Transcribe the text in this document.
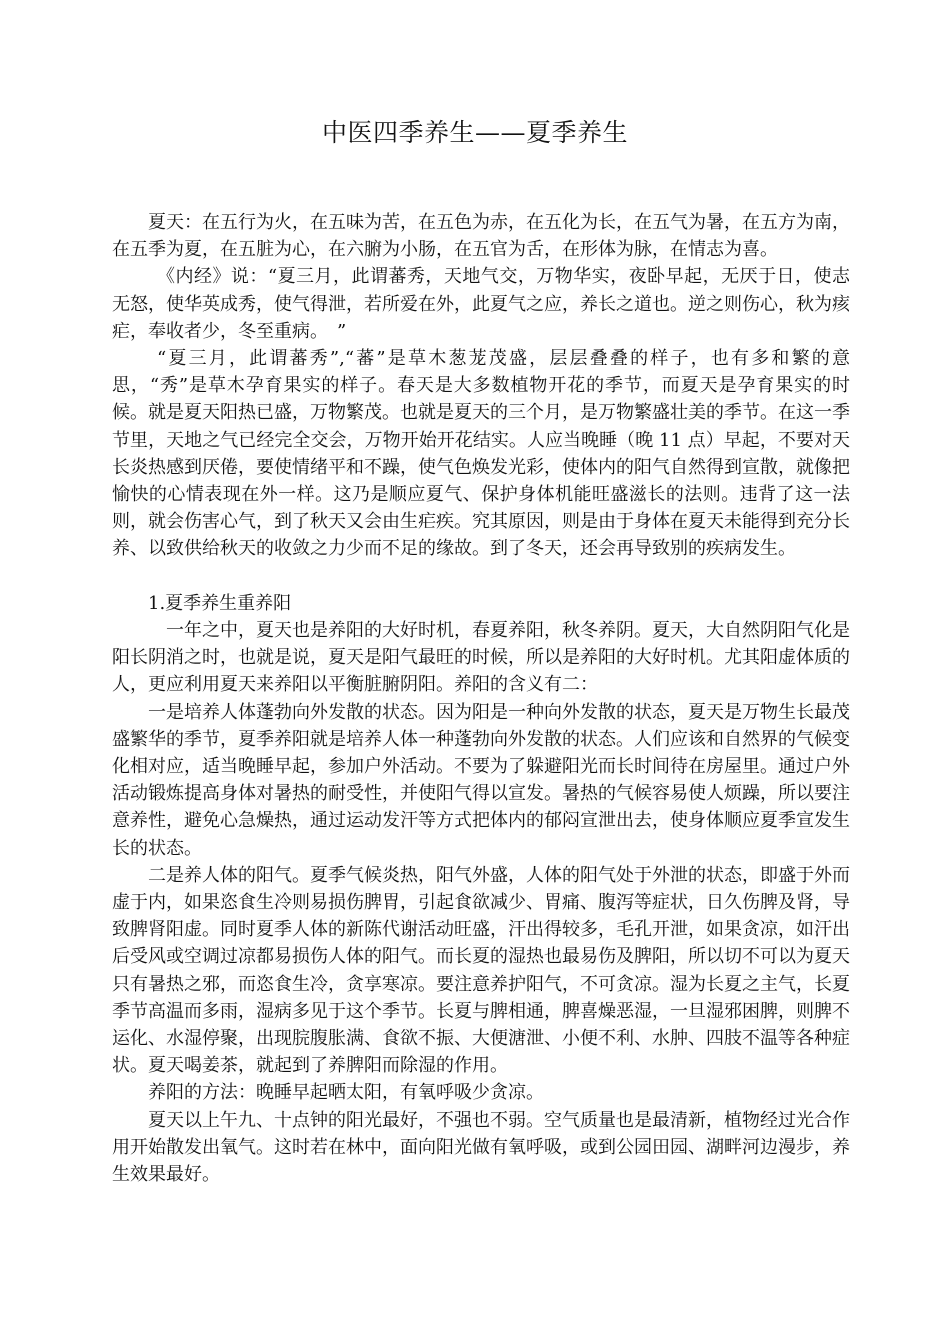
中医四季养生——夏季养生

夏天：在五行为火，在五味为苦，在五色为赤，在五化为长，在五气为暑，在五方为南，在五季为夏，在五脏为心，在六腑为小肠，在五官为舌，在形体为脉，在情志为喜。

《内经》说：“夏三月，此谓蕃秀，天地气交，万物华实，夜卧早起，无厌于日，使志无怒，使华英成秀，使气得泄，若所爱在外，此夏气之应，养长之道也。逆之则伤心，秋为痎疟，奉收者少，冬至重病。　”

“夏三月，此谓蕃秀”,“蕃”是草木葱茏茂盛，层层叠叠的样子，也有多和繁的意思，“秀”是草木孕育果实的样子。春天是大多数植物开花的季节，而夏天是孕育果实的时候。就是夏天阳热已盛，万物繁茂。也就是夏天的三个月，是万物繁盛壮美的季节。在这一季节里，天地之气已经完全交会，万物开始开花结实。人应当晚睡（晚 11 点）早起，不要对天长炎热感到厌倦，要使情绪平和不躁，使气色焕发光彩，使体内的阳气自然得到宣散，就像把愉快的心情表现在外一样。这乃是顺应夏气、保护身体机能旺盛滋长的法则。违背了这一法则，就会伤害心气，到了秋天又会由生疟疾。究其原因，则是由于身体在夏天未能得到充分长养、以致供给秋天的收敛之力少而不足的缘故。到了冬天，还会再导致别的疾病发生。

1.夏季养生重养阳

一年之中，夏天也是养阳的大好时机，春夏养阳，秋冬养阴。夏天，大自然阴阳气化是阳长阴消之时，也就是说，夏天是阳气最旺的时候，所以是养阳的大好时机。尤其阳虚体质的人，更应利用夏天来养阳以平衡脏腑阴阳。养阳的含义有二：

一是培养人体蓬勃向外发散的状态。因为阳是一种向外发散的状态，夏天是万物生长最茂盛繁华的季节，夏季养阳就是培养人体一种蓬勃向外发散的状态。人们应该和自然界的气候变化相对应，适当晚睡早起，参加户外活动。不要为了躲避阳光而长时间待在房屋里。通过户外活动锻炼提高身体对暑热的耐受性，并使阳气得以宣发。暑热的气候容易使人烦躁，所以要注意养性，避免心急燥热，通过运动发汗等方式把体内的郁闷宣泄出去，使身体顺应夏季宣发生长的状态。

二是养人体的阳气。夏季气候炎热，阳气外盛，人体的阳气处于外泄的状态，即盛于外而虚于内，如果恣食生冷则易损伤脾胃，引起食欲减少、胃痛、腹泻等症状，日久伤脾及肾，导致脾肾阳虚。同时夏季人体的新陈代谢活动旺盛，汗出得较多，毛孔开泄，如果贪凉，如汗出后受风或空调过凉都易损伤人体的阳气。而长夏的湿热也最易伤及脾阳，所以切不可以为夏天只有暑热之邪，而恣食生冷，贪享寒凉。要注意养护阳气，不可贪凉。湿为长夏之主气，长夏季节高温而多雨，湿病多见于这个季节。长夏与脾相通，脾喜燥恶湿，一旦湿邪困脾，则脾不运化、水湿停聚，出现脘腹胀满、食欲不振、大便溏泄、小便不利、水肿、四肢不温等各种症状。夏天喝姜茶，就起到了养脾阳而除湿的作用。

养阳的方法：晚睡早起晒太阳，有氧呼吸少贪凉。

夏天以上午九、十点钟的阳光最好，不强也不弱。空气质量也是最清新，植物经过光合作用开始散发出氧气。这时若在林中，面向阳光做有氧呼吸，或到公园田园、湖畔河边漫步，养生效果最好。
